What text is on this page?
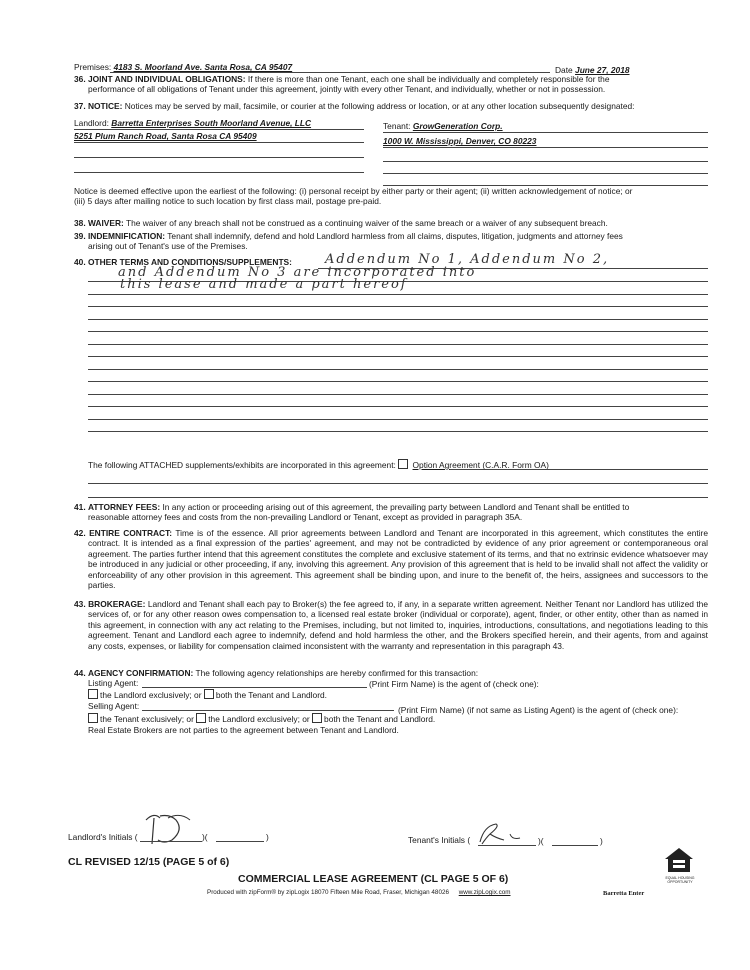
Premises: 4183 S. Moorland Ave. Santa Rosa, CA 95407	Date June 27, 2018
36. JOINT AND INDIVIDUAL OBLIGATIONS: If there is more than one Tenant, each one shall be individually and completely responsible for the
performance of all obligations of Tenant under this agreement, jointly with every other Tenant, and individually, whether or not in possession.
37. NOTICE: Notices may be served by mail, facsimile, or courier at the following address or location, or at any other location subsequently designated:
Landlord: Barretta Enterprises South Moorland Avenue, LLC
5251 Plum Ranch Road, Santa Rosa CA 95409
Tenant: GrowGeneration Corp.
1000 W. Mississippi, Denver, CO 80223
Notice is deemed effective upon the earliest of the following: (i) personal receipt by either party or their agent; (ii) written acknowledgement of notice; or
(iii) 5 days after mailing notice to such location by first class mail, postage pre-paid.
38. WAIVER: The waiver of any breach shall not be construed as a continuing waiver of the same breach or a waiver of any subsequent breach.
39. INDEMNIFICATION: Tenant shall indemnify, defend and hold Landlord harmless from all claims, disputes, litigation, judgments and attorney fees
arising out of Tenant's use of the Premises.
40. OTHER TERMS AND CONDITIONS/SUPPLEMENTS:	Addendum No 1, Addendum No 2,
and Addendum No 3 are incorporated into
this lease and made a part hereof
The following ATTACHED supplements/exhibits are incorporated in this agreement: Option Agreement (C.A.R. Form OA)
41. ATTORNEY FEES: In any action or proceeding arising out of this agreement, the prevailing party between Landlord and Tenant shall be entitled to
reasonable attorney fees and costs from the non-prevailing Landlord or Tenant, except as provided in paragraph 35A.
42. ENTIRE CONTRACT: Time is of the essence. All prior agreements between Landlord and Tenant are incorporated in this agreement, which constitutes the entire contract. It is intended as a final expression of the parties' agreement, and may not be contradicted by evidence of any prior agreement or contemporaneous oral agreement. The parties further intend that this agreement constitutes the complete and exclusive statement of its terms, and that no extrinsic evidence whatsoever may be introduced in any judicial or other proceeding, if any, involving this agreement. Any provision of this agreement that is held to be invalid shall not affect the validity or enforceability of any other provision in this agreement. This agreement shall be binding upon, and inure to the benefit of, the heirs, assignees and successors to the parties.
43. BROKERAGE: Landlord and Tenant shall each pay to Broker(s) the fee agreed to, if any, in a separate written agreement. Neither Tenant nor Landlord has utilized the services of, or for any other reason owes compensation to, a licensed real estate broker (individual or corporate), agent, finder, or other entity, other than as named in this agreement, in connection with any act relating to the Premises, including, but not limited to, inquiries, introductions, consultations, and negotiations leading to this agreement. Tenant and Landlord each agree to indemnify, defend and hold harmless the other, and the Brokers specified herein, and their agents, from and against any costs, expenses, or liability for compensation claimed inconsistent with the warranty and representation in this paragraph 43.
44. AGENCY CONFIRMATION: The following agency relationships are hereby confirmed for this transaction:
Listing Agent:	(Print Firm Name) is the agent of (check one):
the Landlord exclusively; or both the Tenant and Landlord.
Selling Agent:	(Print Firm Name) (if not same as Listing Agent) is the agent of (check one):
the Tenant exclusively; or the Landlord exclusively; or both the Tenant and Landlord.
Real Estate Brokers are not parties to the agreement between Tenant and Landlord.
Landlord's Initials (	)(	)	Tenant's Initials (	)(	)
CL REVISED 12/15 (PAGE 5 of 6)
COMMERCIAL LEASE AGREEMENT (CL PAGE 5 OF 6)
Produced with zipForm® by zipLogix 18070 Fifteen Mile Road, Fraser, Michigan 48026 www.zipLogix.com	Barretta Enter
EQUAL HOUSING OPPORTUNITY
